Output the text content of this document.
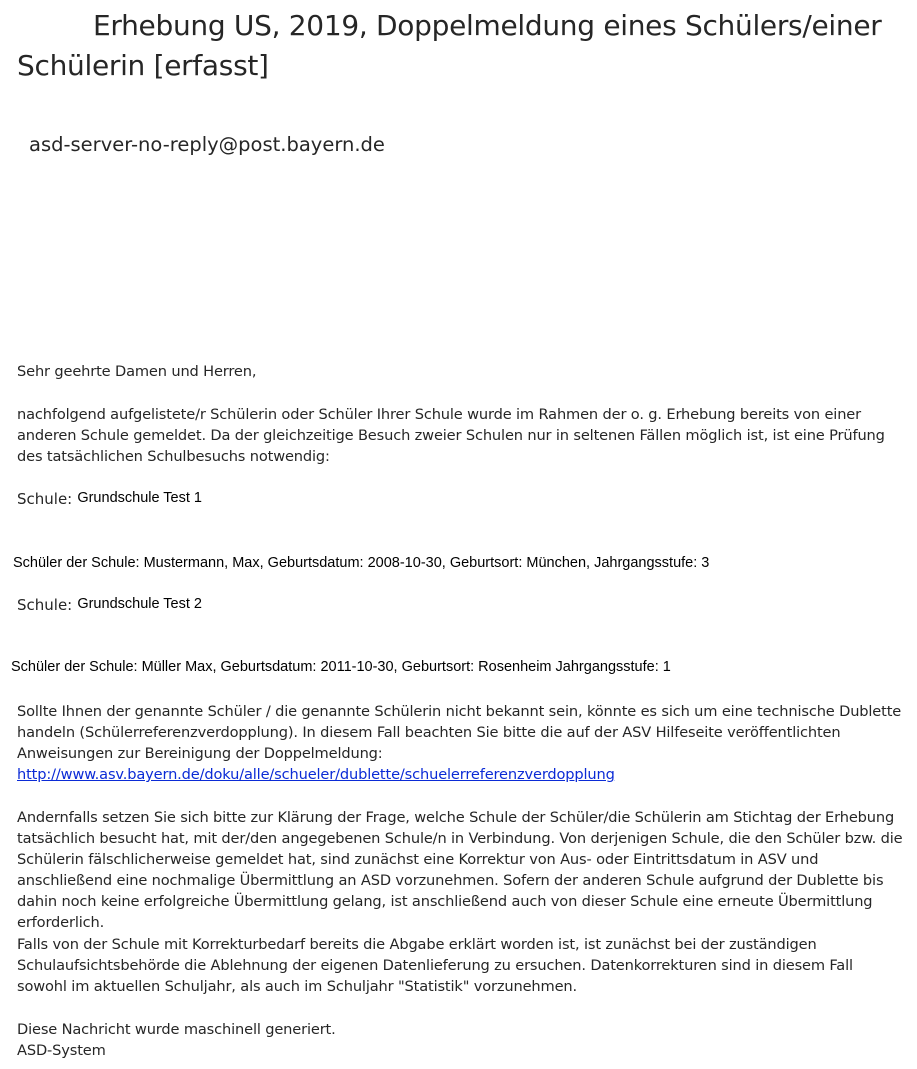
Erhebung US, 2019, Doppelmeldung eines Schülers/einer
Schülerin [erfasst]
asd-server-no-reply@post.bayern.de

Sehr geehrte Damen und Herren,

nachfolgend aufgelistete/r Schülerin oder Schüler Ihrer Schule wurde im Rahmen der o. g. Erhebung bereits von einer anderen Schule gemeldet. Da der gleichzeitige Besuch zweier Schulen nur in seltenen Fällen möglich ist, ist eine Prüfung des tatsächlichen Schulbesuchs notwendig:

Schule: Grundschule Test 1
Schüler der Schule: Mustermann, Max, Geburtsdatum: 2008-10-30, Geburtsort: München, Jahrgangsstufe: 3
Schule: Grundschule Test 2
Schüler der Schule: Müller Max, Geburtsdatum: 2011-10-30, Geburtsort: Rosenheim Jahrgangsstufe: 1
Sollte Ihnen der genannte Schüler / die genannte Schülerin nicht bekannt sein, könnte es sich um eine technische Dublette handeln (Schülerreferenzverdopplung). In diesem Fall beachten Sie bitte die auf der ASV Hilfeseite veröffentlichten Anweisungen zur Bereinigung der Doppelmeldung:
http://www.asv.bayern.de/doku/alle/schueler/dublette/schuelerreferenzverdopplung

Andernfalls setzen Sie sich bitte zur Klärung der Frage, welche Schule der Schüler/die Schülerin am Stichtag der Erhebung tatsächlich besucht hat, mit der/den angegebenen Schule/n in Verbindung. Von derjenigen Schule, die den Schüler bzw. die Schülerin fälschlicherweise gemeldet hat, sind zunächst eine Korrektur von Aus- oder Eintrittsdatum in ASV und anschließend eine nochmalige Übermittlung an ASD vorzunehmen. Sofern der anderen Schule aufgrund der Dublette bis dahin noch keine erfolgreiche Übermittlung gelang, ist anschließend auch von dieser Schule eine erneute Übermittlung erforderlich.

Falls von der Schule mit Korrekturbedarf bereits die Abgabe erklärt worden ist, ist zunächst bei der zuständigen Schulaufsichtsbehörde die Ablehnung der eigenen Datenlieferung zu ersuchen. Datenkorrekturen sind in diesem Fall sowohl im aktuellen Schuljahr, als auch im Schuljahr "Statistik" vorzunehmen.

Diese Nachricht wurde maschinell generiert.
ASD-System
